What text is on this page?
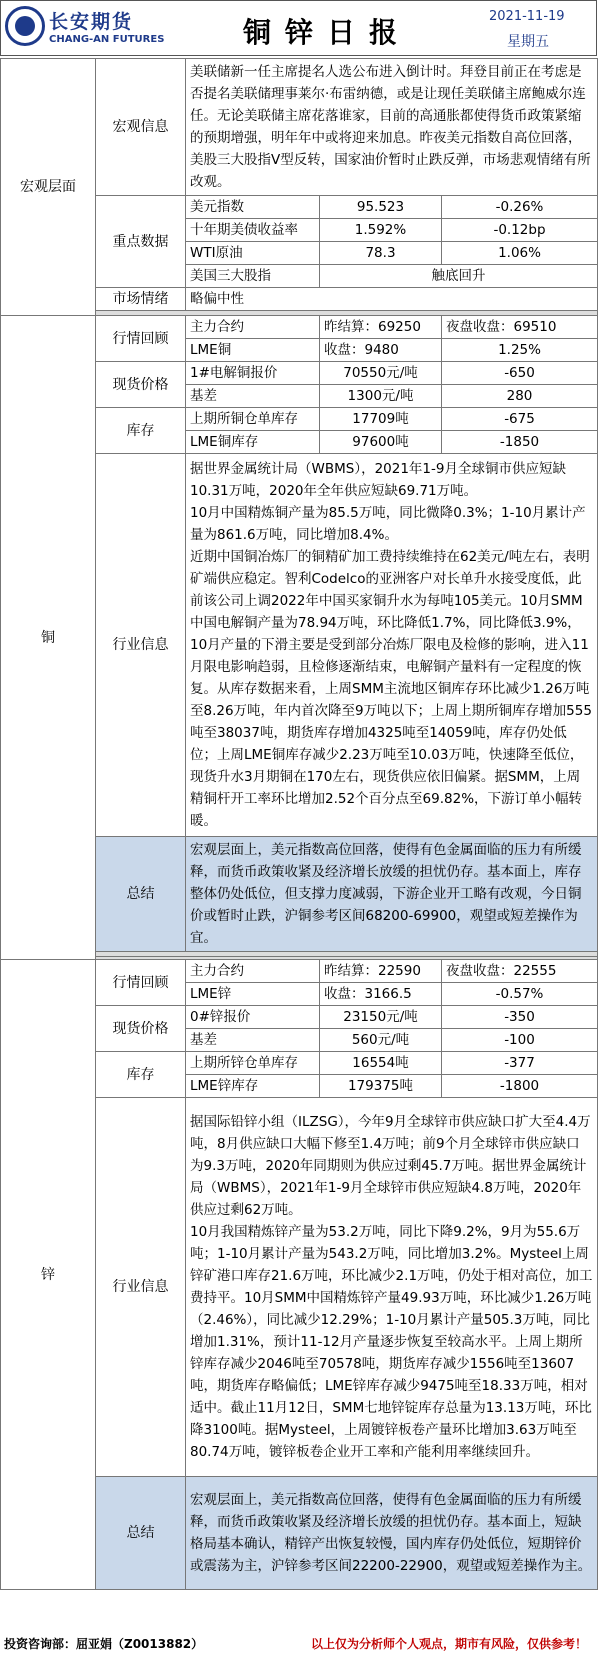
长安期货
CHANG-AN FUTURES	铜锌日报	2021-11-19
星期五
宏观层面	宏观信息	美联储新一任主席提名人选公布进入倒计时。拜登目前正在考虑是否提名美联储理事莱尔·布雷纳德，或是让现任美联储主席鲍威尔连任。无论美联储主席花落谁家，目前的高通胀都使得货币政策紧缩的预期增强，明年年中或将迎来加息。昨夜美元指数自高位回落，美股三大股指V型反转，国家油价暂时止跌反弹，市场悲观情绪有所改观。		
	重点数据	美元指数	95.523	-0.26%
		十年期美债收益率	1.592%	-0.12bp
		WTI原油	78.3	1.06%
		美国三大股指	触底回升	
	市场情绪	略偏中性		

铜	行情回顾	主力合约	昨结算：69250	夜盘收盘：69510
		LME铜	收盘：9480	1.25%
	现货价格	1#电解铜报价	70550元/吨	-650
		基差	1300元/吨	280
	库存	上期所铜仓单库存	17709吨	-675
		LME铜库存	97600吨	-1850
	行业信息	据世界金属统计局（WBMS），2021年1-9月全球铜市供应短缺10.31万吨，2020年全年供应短缺69.71万吨。
10月中国精炼铜产量为85.5万吨，同比微降0.3%；1-10月累计产量为861.6万吨，同比增加8.4%。
近期中国铜冶炼厂的铜精矿加工费持续维持在62美元/吨左右，表明矿端供应稳定。智利Codelco的亚洲客户对长单升水接受度低，此前该公司上调2022年中国买家铜升水为每吨105美元。10月SMM中国电解铜产量为78.94万吨，环比降低1.7%，同比降低3.9%，10月产量的下滑主要是受到部分冶炼厂限电及检修的影响，进入11月限电影响趋弱，且检修逐渐结束，电解铜产量料有一定程度的恢复。从库存数据来看，上周SMM主流地区铜库存环比减少1.26万吨至8.26万吨，年内首次降至9万吨以下；上周上期所铜库存增加555吨至38037吨，期货库存增加4325吨至14059吨，库存仍处低位；上周LME铜库存减少2.23万吨至10.03万吨，快速降至低位，现货升水3月期铜在170左右，现货供应依旧偏紧。据SMM，上周精铜杆开工率环比增加2.52个百分点至69.82%，下游订单小幅转暖。		
	总结	宏观层面上，美元指数高位回落，使得有色金属面临的压力有所缓释，而货币政策收紧及经济增长放缓的担忧仍存。基本面上，库存整体仍处低位，但支撑力度减弱，下游企业开工略有改观，今日铜价或暂时止跌，沪铜参考区间68200-69900，观望或短差操作为宜。		

锌	行情回顾	主力合约	昨结算：22590	夜盘收盘：22555
		LME锌	收盘：3166.5	-0.57%
	现货价格	0#锌报价	23150元/吨	-350
		基差	560元/吨	-100
	库存	上期所锌仓单库存	16554吨	-377
		LME锌库存	179375吨	-1800
	行业信息	据国际铅锌小组（ILZSG），今年9月全球锌市供应缺口扩大至4.4万吨，8月供应缺口大幅下修至1.4万吨；前9个月全球锌市供应缺口为9.3万吨，2020年同期则为供应过剩45.7万吨。据世界金属统计局（WBMS），2021年1-9月全球锌市供应短缺4.8万吨，2020年供应过剩62万吨。
10月我国精炼锌产量为53.2万吨，同比下降9.2%，9月为55.6万吨；1-10月累计产量为543.2万吨，同比增加3.2%。Mysteel上周锌矿港口库存21.6万吨，环比减少2.1万吨，仍处于相对高位，加工费持平。10月SMM中国精炼锌产量49.93万吨，环比减少1.26万吨（2.46%），同比减少12.29%；1-10月累计产量505.3万吨，同比增加1.31%，预计11-12月产量逐步恢复至较高水平。上周上期所锌库存减少2046吨至70578吨，期货库存减少1556吨至13607吨，期货库存略偏低；LME锌库存减少9475吨至18.33万吨，相对适中。截止11月12日，SMM七地锌锭库存总量为13.13万吨，环比降3100吨。据Mysteel，上周镀锌板卷产量环比增加3.63万吨至80.74万吨，镀锌板卷企业开工率和产能利用率继续回升。		
	总结	宏观层面上，美元指数高位回落，使得有色金属面临的压力有所缓释，而货币政策收紧及经济增长放缓的担忧仍存。基本面上，短缺格局基本确认，精锌产出恢复较慢，国内库存仍处低位，短期锌价或震荡为主，沪锌参考区间22200-22900，观望或短差操作为主。		
投资咨询部：屈亚娟（Z0013882）	以上仅为分析师个人观点，期市有风险，仅供参考！
